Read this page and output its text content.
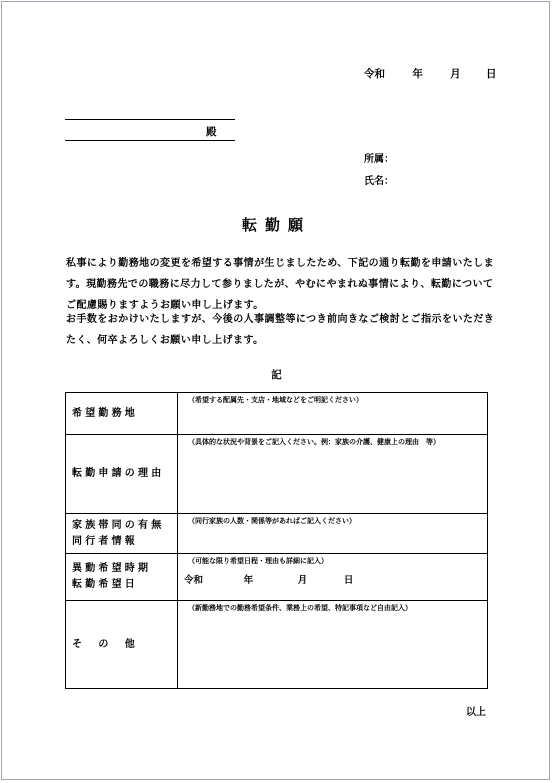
令和	年	月 日
殿
所属：
氏名：
転勤願
私事により勤務地の変更を希望する事情が生じましたため、下記の通り転勤を申請いたします。現勤務先での職務に尽力して参りましたが、やむにやまれぬ事情により、転勤についてご配慮賜りますようお願い申し上げます。
お手数をおかけいたしますが、今後の人事調整等につき前向きなご検討とご指示をいただきたく、何卒よろしくお願い申し上げます。
記
希望勤務地	（希望する配属先・支店・地域などをご明記ください）

転勤申請の理由	（具体的な状況や背景をご記入ください。例：家族の介護、健康上の理由　等）

家族帯同の有無
同行者情報	（同行家族の人数・関係等があればご記入ください）

異動希望時期
転勤希望日	（可能な限り希望日程・理由も詳細に記入）
令和 年 月 日

そ　の　他	（新勤務地での勤務希望条件、業務上の希望、特記事項など自由記入）
以上
